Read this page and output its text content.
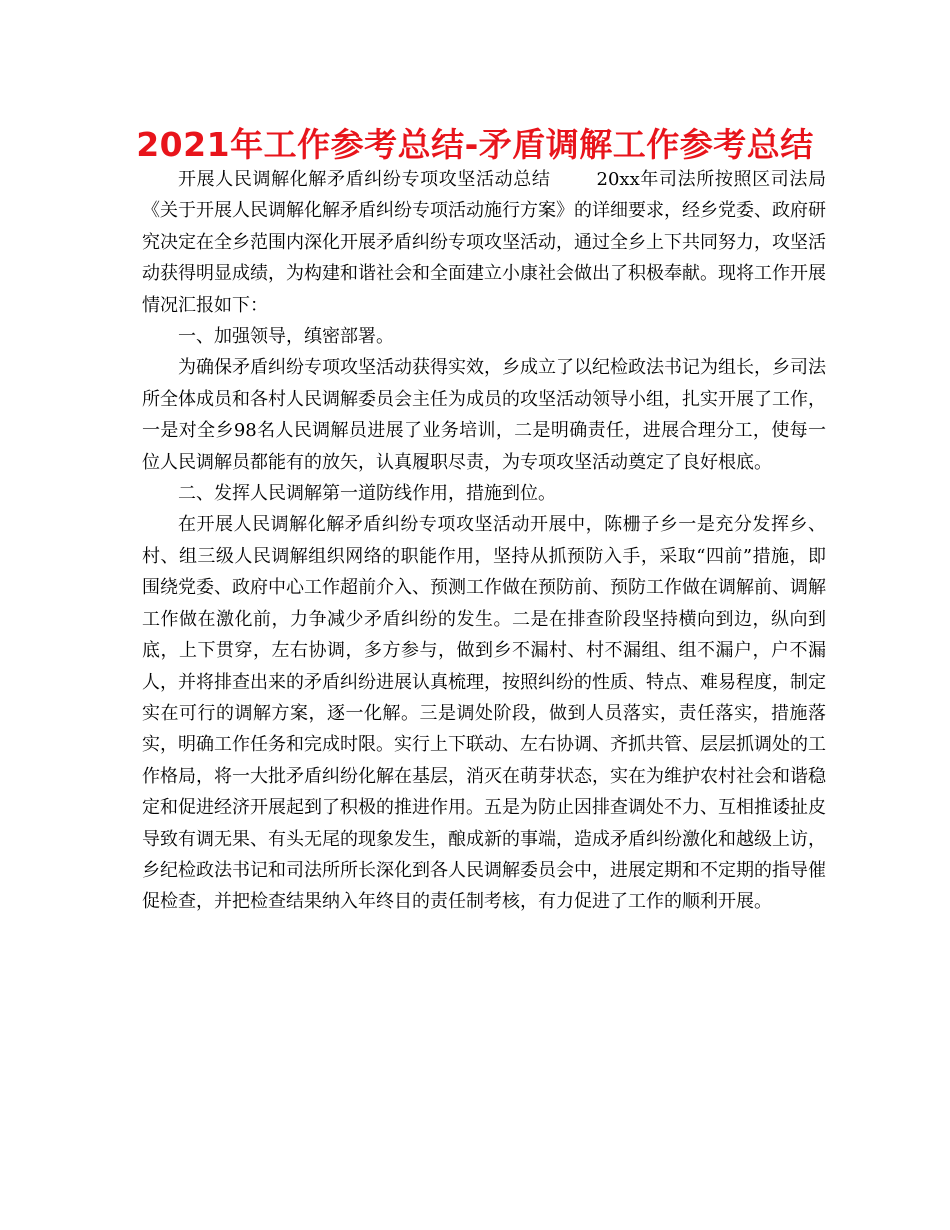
2021年工作参考总结-矛盾调解工作参考总结

开展人民调解化解矛盾纠纷专项攻坚活动总结	20xx年司法所按照区司法局《关于开展人民调解化解矛盾纠纷专项活动施行方案》的详细要求，经乡党委、政府研究决定在全乡范围内深化开展矛盾纠纷专项攻坚活动，通过全乡上下共同努力，攻坚活动获得明显成绩，为构建和谐社会和全面建立小康社会做出了积极奉献。现将工作开展情况汇报如下：

一、加强领导，缜密部署。

为确保矛盾纠纷专项攻坚活动获得实效，乡成立了以纪检政法书记为组长，乡司法所全体成员和各村人民调解委员会主任为成员的攻坚活动领导小组，扎实开展了工作，一是对全乡98名人民调解员进展了业务培训，二是明确责任，进展合理分工，使每一位人民调解员都能有的放矢，认真履职尽责，为专项攻坚活动奠定了良好根底。

二、发挥人民调解第一道防线作用，措施到位。

在开展人民调解化解矛盾纠纷专项攻坚活动开展中，陈栅子乡一是充分发挥乡、村、组三级人民调解组织网络的职能作用，坚持从抓预防入手，采取“四前”措施，即围绕党委、政府中心工作超前介入、预测工作做在预防前、预防工作做在调解前、调解工作做在激化前，力争减少矛盾纠纷的发生。二是在排查阶段坚持横向到边，纵向到底，上下贯穿，左右协调，多方参与，做到乡不漏村、村不漏组、组不漏户，户不漏人，并将排查出来的矛盾纠纷进展认真梳理，按照纠纷的性质、特点、难易程度，制定实在可行的调解方案，逐一化解。三是调处阶段，做到人员落实，责任落实，措施落实，明确工作任务和完成时限。实行上下联动、左右协调、齐抓共管、层层抓调处的工作格局，将一大批矛盾纠纷化解在基层，消灭在萌芽状态，实在为维护农村社会和谐稳定和促进经济开展起到了积极的推进作用。五是为防止因排查调处不力、互相推诿扯皮导致有调无果、有头无尾的现象发生，酿成新的事端，造成矛盾纠纷激化和越级上访，乡纪检政法书记和司法所所长深化到各人民调解委员会中，进展定期和不定期的指导催促检查，并把检查结果纳入年终目的责任制考核，有力促进了工作的顺利开展。
